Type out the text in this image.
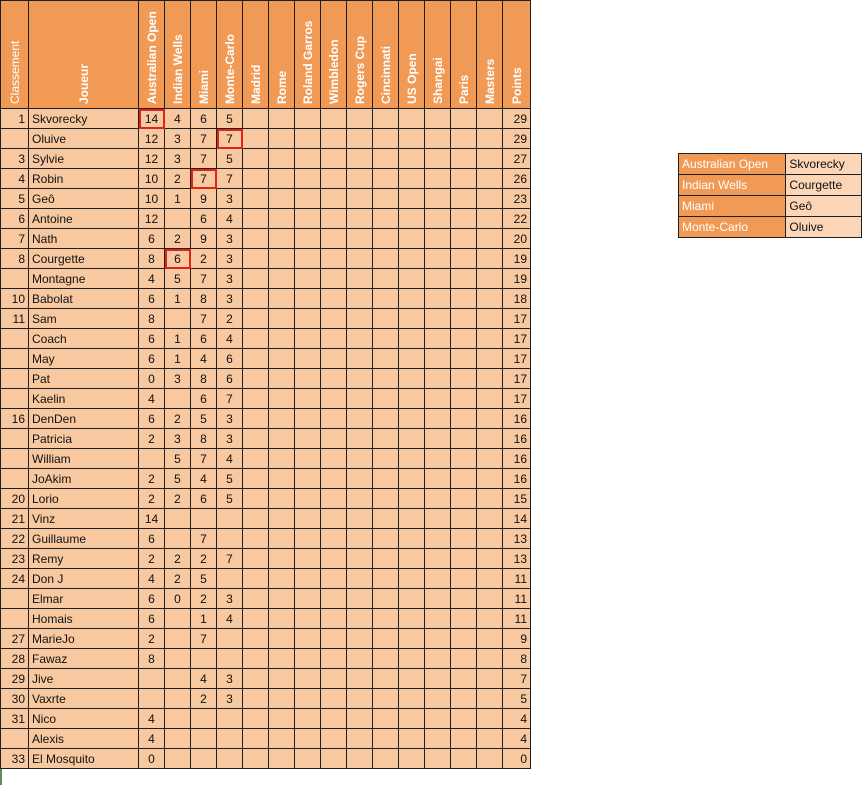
Classement	Joueur	Australian Open	Indian Wells	Miami	Monte-Carlo	Madrid	Rome	Roland Garros	Wimbledon	Rogers Cup	Cincinnati	US Open	Shangai	Paris	Masters	Points

1	Skvorecky	14	4	6	5											29
	Oluive	12	3	7	7											29
3	Sylvie	12	3	7	5											27
4	Robin	10	2	7	7											26
5	Geô	10	1	9	3											23
6	Antoine	12		6	4											22
7	Nath	6	2	9	3											20
8	Courgette	8	6	2	3											19
	Montagne	4	5	7	3											19
10	Babolat	6	1	8	3											18
11	Sam	8		7	2											17
	Coach	6	1	6	4											17
	May	6	1	4	6											17
	Pat	0	3	8	6											17
	Kaelin	4		6	7											17
16	DenDen	6	2	5	3											16
	Patricia	2	3	8	3											16
	William		5	7	4											16
	JoAkim	2	5	4	5											16
20	Lorio	2	2	6	5											15
21	Vinz	14														14
22	Guillaume	6		7												13
23	Remy	2	2	2	7											13
24	Don J	4	2	5												11
	Elmar	6	0	2	3											11
	Homais	6		1	4											11
27	MarieJo	2		7												9
28	Fawaz	8														8
29	Jive			4	3											7
30	Vaxrte			2	3											5
31	Nico	4														4
	Alexis	4														4
33	El Mosquito	0														0
Australian Open	Skvorecky
Indian Wells	Courgette
Miami	Geô
Monte-Carlo	Oluive
